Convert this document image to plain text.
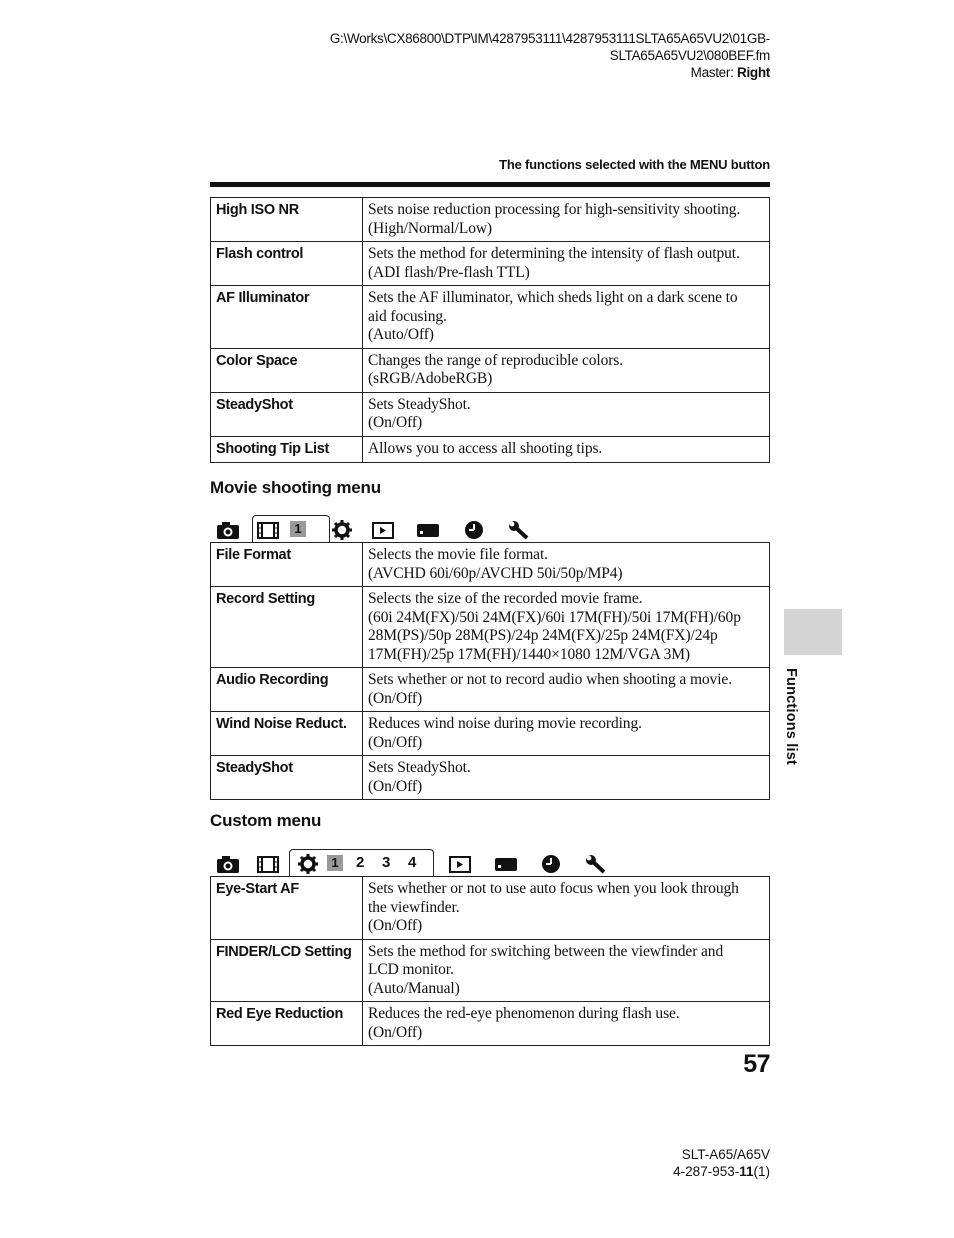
G:\Works\CX86800\DTP\IM\4287953111\4287953111SLTA65A65VU2\01GB-
SLTA65A65VU2\080BEF.fm
Master: Right
The functions selected with the MENU button
High ISO NR	Sets noise reduction processing for high-sensitivity shooting.
(High/Normal/Low)

Flash control	Sets the method for determining the intensity of flash output.
(ADI flash/Pre-flash TTL)

AF Illuminator	Sets the AF illuminator, which sheds light on a dark scene to
aid focusing.
(Auto/Off)

Color Space	Changes the range of reproducible colors.
(sRGB/AdobeRGB)

SteadyShot	Sets SteadyShot.
(On/Off)

Shooting Tip List	Allows you to access all shooting tips.
Movie shooting menu
1
File Format	Selects the movie file format.
(AVCHD 60i/60p/AVCHD 50i/50p/MP4)

Record Setting	Selects the size of the recorded movie frame.
(60i 24M(FX)/50i 24M(FX)/60i 17M(FH)/50i 17M(FH)/60p
28M(PS)/50p 28M(PS)/24p 24M(FX)/25p 24M(FX)/24p
17M(FH)/25p 17M(FH)/1440×1080 12M/VGA 3M)

Audio Recording	Sets whether or not to record audio when shooting a movie.
(On/Off)

Wind Noise Reduct.	Reduces wind noise during movie recording.
(On/Off)

SteadyShot	Sets SteadyShot.
(On/Off)
Custom menu
1 2 3 4
Eye-Start AF	Sets whether or not to use auto focus when you look through
the viewfinder.
(On/Off)

FINDER/LCD Setting	Sets the method for switching between the viewfinder and
LCD monitor.
(Auto/Manual)

Red Eye Reduction	Reduces the red-eye phenomenon during flash use.
(On/Off)
Functions list
57
SLT-A65/A65V
4-287-953-11(1)
